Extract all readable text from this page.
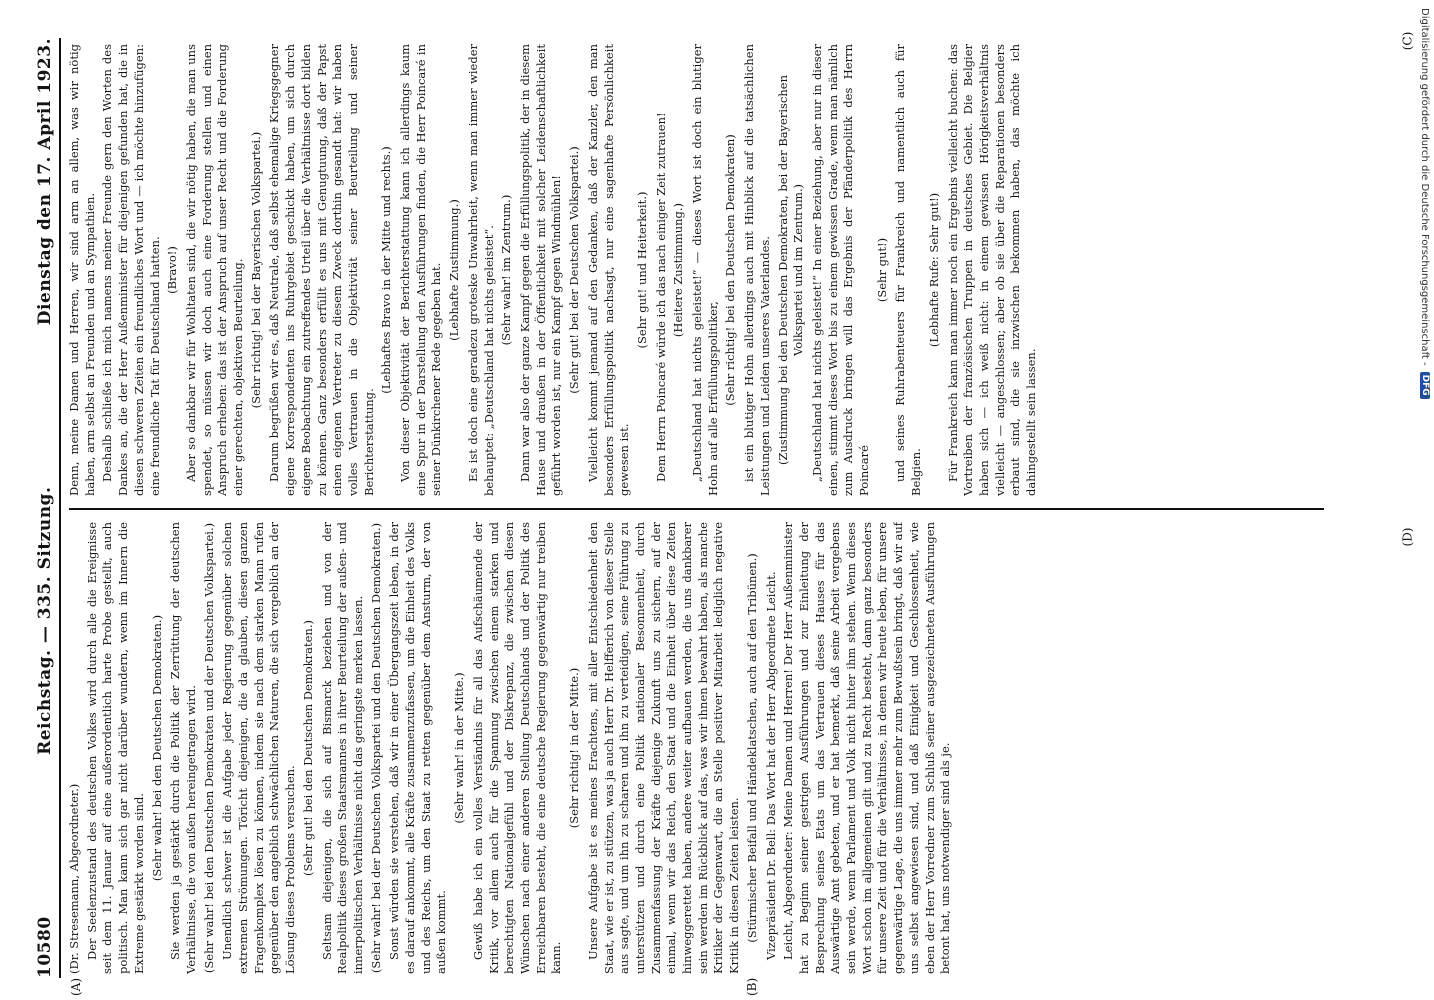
10580
Reichstag. — 335. Sitzung.
Dienstag den 17. April 1923.

(Dr. Stresemann, Abgeordneter.) Der Seelenzustand des deutschen Volkes wird durch alle die Ereignisse seit dem 11. Januar auf eine außerordentlich harte Probe gestellt, auch politisch. Man kann sich gar nicht darüber wundern, wenn im Innern die Extreme gestärkt worden sind.

(Sehr wahr! bei den Deutschen Demokraten.) Sie werden ja gestärkt durch die Politik der Zerrüttung der deutschen Verhältnisse, die von außen hereingetragen wird. (Sehr wahr! bei den Deutschen Demokraten und der Deutschen Volkspartei.) Unendlich schwer ist die Aufgabe jeder Regierung gegenüber solchen extremen Strömungen. Töricht diejenigen, die da glauben, diesen ganzen Fragenkomplex lösen zu können, indem sie nach dem starken Mann rufen gegenüber den angeblich schwächlichen Naturen, die sich vergeblich an der Lösung dieses Problems versuchen. (Sehr gut! bei den Deutschen Demokraten.) Seltsam diejenigen, die sich auf Bismarck beziehen und von der Realpolitik dieses großen Staatsmannes in ihrer Beurteilung der außen- und innerpolitischen Verhältnisse nicht das geringste merken lassen. (Sehr wahr! bei der Deutschen Volkspartei und den Deutschen Demokraten.) Sonst würden sie verstehen, daß wir in einer Übergangszeit leben, in der es darauf ankommt, alle Kräfte zusammenzufassen, um die Einheit des Volks und des Reichs, um den Staat zu retten gegenüber dem Ansturm, der von außen kommt.

(Sehr wahr! in der Mitte.) Gewiß habe ich ein volles Verständnis für all das Aufschäumende der Kritik, vor allem auch für die Spannung zwischen einem starken und berechtigten Nationalgefühl und der Diskrepanz, die zwischen diesen Wünschen nach einer anderen Stellung Deutschlands und der Politik des Erreichbaren besteht, die eine deutsche Regierung gegenwärtig nur treiben kann.

(Sehr richtig! in der Mitte.) Unsere Aufgabe ist es meines Erachtens, mit aller Entschiedenheit den Staat, wie er ist, zu stützen, was ja auch Herr Dr. Helfferich von dieser Stelle aus sagte, und um ihn zu scharen und ihn zu verteidigen, seine Führung zu unterstützen und durch eine Politik nationaler Besonnenheit, durch Zusammenfassung der Kräfte diejenige Zukunft uns zu sichern, auf der einmal, wenn wir das Reich, den Staat und die Einheit über diese Zeiten hinweggerettet haben, andere weiter aufbauen werden, die uns dankbarer sein werden im Rückblick auf das, was wir ihnen bewahrt haben, als manche Kritiker der Gegenwart, die an Stelle positiver Mitarbeit lediglich negative Kritik in diesen Zeiten leisten. (Stürmischer Beifall und Händeklatschen, auch auf den Tribünen.) Vizepräsident Dr. Bell: Das Wort hat der Herr Abgeordnete Leicht. Leicht, Abgeordneter: Meine Damen und Herren! Der Herr Außenminister hat zu Beginn seiner gestrigen Ausführungen und zur Einleitung der Besprechung seines Etats um das Vertrauen dieses Hauses für das Auswärtige Amt gebeten, und er hat bemerkt, daß seine Arbeit vergebens sein werde, wenn Parlament und Volk nicht hinter ihm stehen. Wenn dieses Wort schon im allgemeinen gilt und zu Recht besteht, dann ganz besonders für unsere Zeit und für die Verhältnisse, in denen wir heute leben, für unsere gegenwärtige Lage, die uns immer mehr zum Bewußtsein bringt, daß wir auf uns selbst angewiesen sind, und daß Einigkeit und Geschlossenheit, wie eben der Herr Vorredner zum Schluß seiner ausgezeichneten Ausführungen betont hat, uns notwendiger sind als je.

Denn, meine Damen und Herren, wir sind arm an allem, was wir nötig haben, arm selbst an Freunden und an Sympathien. Deshalb schließe ich mich namens meiner Freunde gern den Worten des Dankes an, die der Herr Außenminister für diejenigen gefunden hat, die in diesen schweren Zeiten ein freundliches Wort und — ich möchte hinzufügen: eine freundliche Tat für Deutschland hatten. (Bravo!) Aber so dankbar wir für Wohltaten sind, die wir nötig haben, die man uns spendet, so müssen wir doch auch eine Forderung stellen und einen Anspruch erheben: das ist der Anspruch auf unser Recht und die Forderung einer gerechten, objektiven Beurteilung. (Sehr richtig! bei der Bayerischen Volkspartei.) Darum begrüßen wir es, daß Neutrale, daß selbst ehemalige Kriegsgegner eigene Korrespondenten ins Ruhrgebiet geschickt haben, um sich durch eigene Beobachtung ein zutreffendes Urteil über die Verhältnisse dort bilden zu können. Ganz besonders erfüllt es uns mit Genugtuung, daß der Papst einen eigenen Vertreter zu diesem Zweck dorthin gesandt hat: wir haben volles Vertrauen in die Objektivität seiner Beurteilung und seiner Berichterstattung.

(Lebhaftes Bravo in der Mitte und rechts.) Von dieser Objektivität der Berichterstattung kann ich allerdings kaum eine Spur in der Darstellung den Ausführungen finden, die Herr Poincaré in seiner Dünkirchener Rede gegeben hat. (Lebhafte Zustimmung.) Es ist doch eine geradezu groteske Unwahrheit, wenn man immer wieder behauptet: „Deutschland hat nichts geleistet“. (Sehr wahr! im Zentrum.) Dann war also der ganze Kampf gegen die Erfüllungspolitik, der in diesem Hause und draußen in der Öffentlichkeit mit solcher Leidenschaftlichkeit geführt worden ist, nur ein Kampf gegen Windmühlen! (Sehr gut! bei der Deutschen Volkspartei.) Vielleicht kommt jemand auf den Gedanken, daß der Kanzler, den man besonders Erfüllungspolitik nachsagt, nur eine sagenhafte Persönlichkeit gewesen ist.

(Sehr gut! und Heiterkeit.) Dem Herrn Poincaré würde ich das nach einiger Zeit zutrauen! (Heitere Zustimmung.) „Deutschland hat nichts geleistet!“ — dieses Wort ist doch ein blutiger Hohn auf alle Erfüllungspolitiker, (Sehr richtig! bei den Deutschen Demokraten) ist ein blutiger Hohn allerdings auch mit Hinblick auf die tatsächlichen Leistungen und Leiden unseres Vaterlandes. (Zustimmung bei den Deutschen Demokraten, bei der Bayerischen Volkspartei und im Zentrum.) „Deutschland hat nichts geleistet!“ In einer Beziehung, aber nur in dieser einen, stimmt dieses Wort bis zu einem gewissen Grade, wenn man nämlich zum Ausdruck bringen will das Ergebnis der Pfänderpolitik des Herrn Poincaré

(Sehr gut!) und seines Ruhrabenteuers für Frankreich und namentlich auch für Belgien.

(Lebhafte Rufe: Sehr gut!) Für Frankreich kann man immer noch ein Ergebnis vielleicht buchen: das Vortreiben der französischen Truppen in deutsches Gebiet. Die Belgier haben sich — ich weiß nicht: in einem gewissen Hörigkeitsverhältnis vielleicht — angeschlossen; aber ob sie über die Reparationen besonders erbaut sind, die sie inzwischen bekommen haben, das möchte ich dahingestellt sein lassen.

(A)	(B)
(C)
(D)
Digitalisierung gefördert durch die Deutsche Forschungsgemeinschaft -
DFG
